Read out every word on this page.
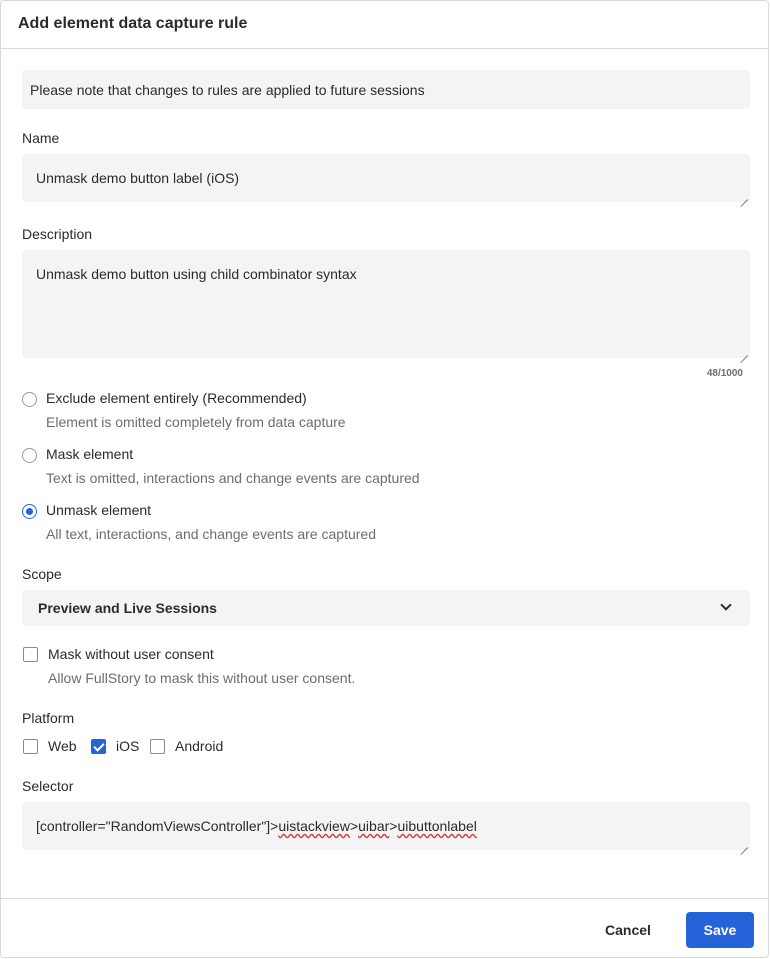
Add element data capture rule
Please note that changes to rules are applied to future sessions
Name
Unmask demo button label (iOS)
Description
Unmask demo button using child combinator syntax
48/1000
Exclude element entirely (Recommended)
Element is omitted completely from data capture
Mask element
Text is omitted, interactions and change events are captured
Unmask element
All text, interactions, and change events are captured
Scope
Preview and Live Sessions
Mask without user consent
Allow FullStory to mask this without user consent.
Platform
Web	iOS	Android
Selector
[controller="RandomViewsController"]>uistackview>uibar>uibuttonlabel
Cancel	Save
